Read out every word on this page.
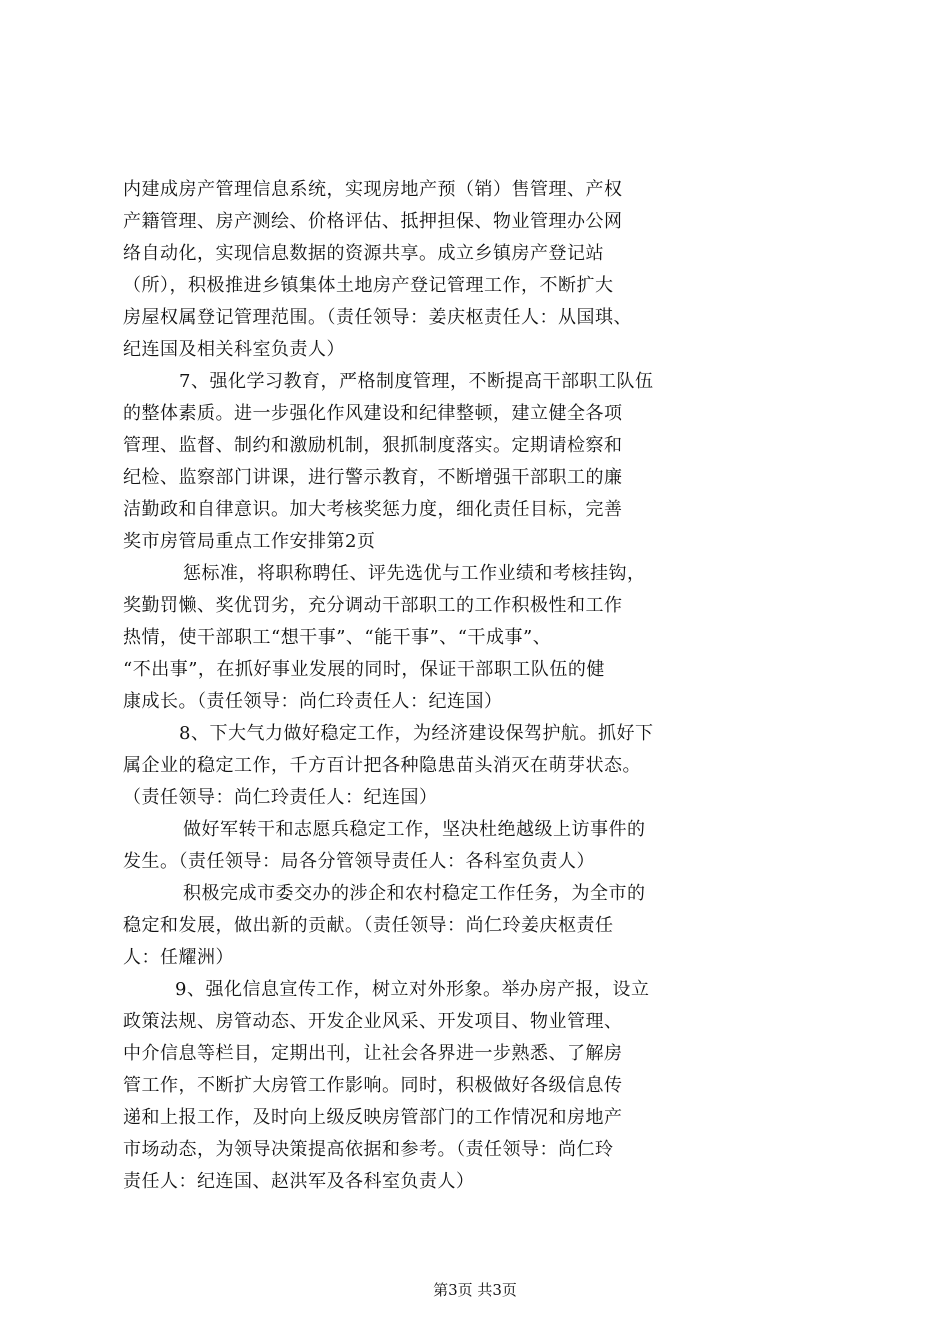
内建成房产管理信息系统，实现房地产预（销）售管理、产权
产籍管理、房产测绘、价格评估、抵押担保、物业管理办公网
络自动化，实现信息数据的资源共享。成立乡镇房产登记站
（所），积极推进乡镇集体土地房产登记管理工作，不断扩大
房屋权属登记管理范围。（责任领导：姜庆枢责任人：从国琪、
纪连国及相关科室负责人）
7、强化学习教育，严格制度管理，不断提高干部职工队伍
的整体素质。进一步强化作风建设和纪律整顿，建立健全各项
管理、监督、制约和激励机制，狠抓制度落实。定期请检察和
纪检、监察部门讲课，进行警示教育，不断增强干部职工的廉
洁勤政和自律意识。加大考核奖惩力度，细化责任目标，完善
奖市房管局重点工作安排第2页
惩标准，将职称聘任、评先选优与工作业绩和考核挂钩，
奖勤罚懒、奖优罚劣，充分调动干部职工的工作积极性和工作
热情，使干部职工“想干事”、“能干事”、“干成事”、
“不出事”，在抓好事业发展的同时，保证干部职工队伍的健
康成长。（责任领导：尚仁玲责任人：纪连国）
8、下大气力做好稳定工作，为经济建设保驾护航。抓好下
属企业的稳定工作，千方百计把各种隐患苗头消灭在萌芽状态。
（责任领导：尚仁玲责任人：纪连国）
做好军转干和志愿兵稳定工作，坚决杜绝越级上访事件的
发生。（责任领导：局各分管领导责任人：各科室负责人）
积极完成市委交办的涉企和农村稳定工作任务，为全市的
稳定和发展，做出新的贡献。（责任领导：尚仁玲姜庆枢责任
人：任耀洲）
9、强化信息宣传工作，树立对外形象。举办房产报，设立
政策法规、房管动态、开发企业风采、开发项目、物业管理、
中介信息等栏目，定期出刊，让社会各界进一步熟悉、了解房
管工作，不断扩大房管工作影响。同时，积极做好各级信息传
递和上报工作，及时向上级反映房管部门的工作情况和房地产
市场动态，为领导决策提高依据和参考。（责任领导：尚仁玲
责任人：纪连国、赵洪军及各科室负责人）
第3页 共3页
